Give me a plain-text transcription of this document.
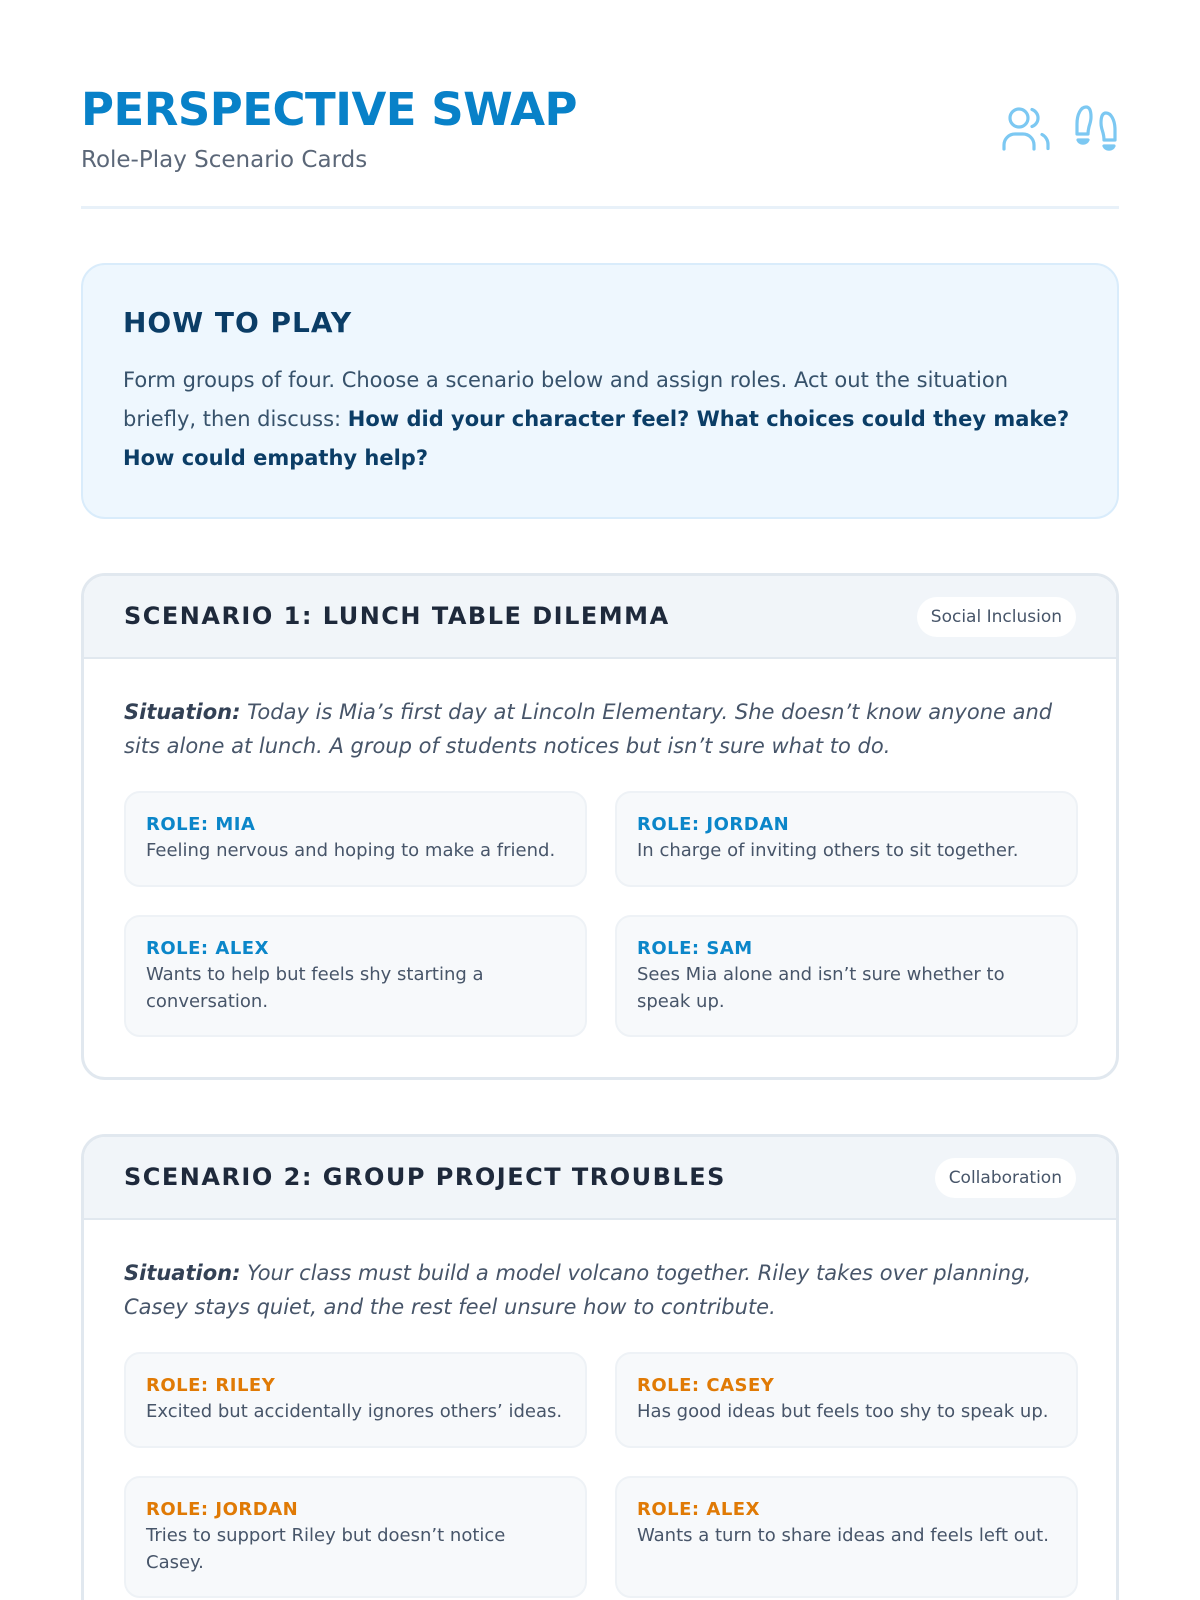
PERSPECTIVE SWAP
Role-Play Scenario Cards
HOW TO PLAY

Form groups of four. Choose a scenario below and assign roles. Act out the situation briefly, then discuss: How did your character feel? What choices could they make? How could empathy help?

SCENARIO 1: LUNCH TABLE DILEMMA	Social Inclusion
Situation: Today is Mia’s first day at Lincoln Elementary. She doesn’t know anyone and sits alone at lunch. A group of students notices but isn’t sure what to do.
ROLE: MIA
Feeling nervous and hoping to make a friend.
ROLE: JORDAN
In charge of inviting others to sit together.
ROLE: ALEX
Wants to help but feels shy starting a conversation.
ROLE: SAM
Sees Mia alone and isn’t sure whether to speak up.
SCENARIO 2: GROUP PROJECT TROUBLES	Collaboration
Situation: Your class must build a model volcano together. Riley takes over planning, Casey stays quiet, and the rest feel unsure how to contribute.
ROLE: RILEY
Excited but accidentally ignores others’ ideas.
ROLE: CASEY
Has good ideas but feels too shy to speak up.
ROLE: JORDAN
Tries to support Riley but doesn’t notice Casey.
ROLE: ALEX
Wants a turn to share ideas and feels left out.
